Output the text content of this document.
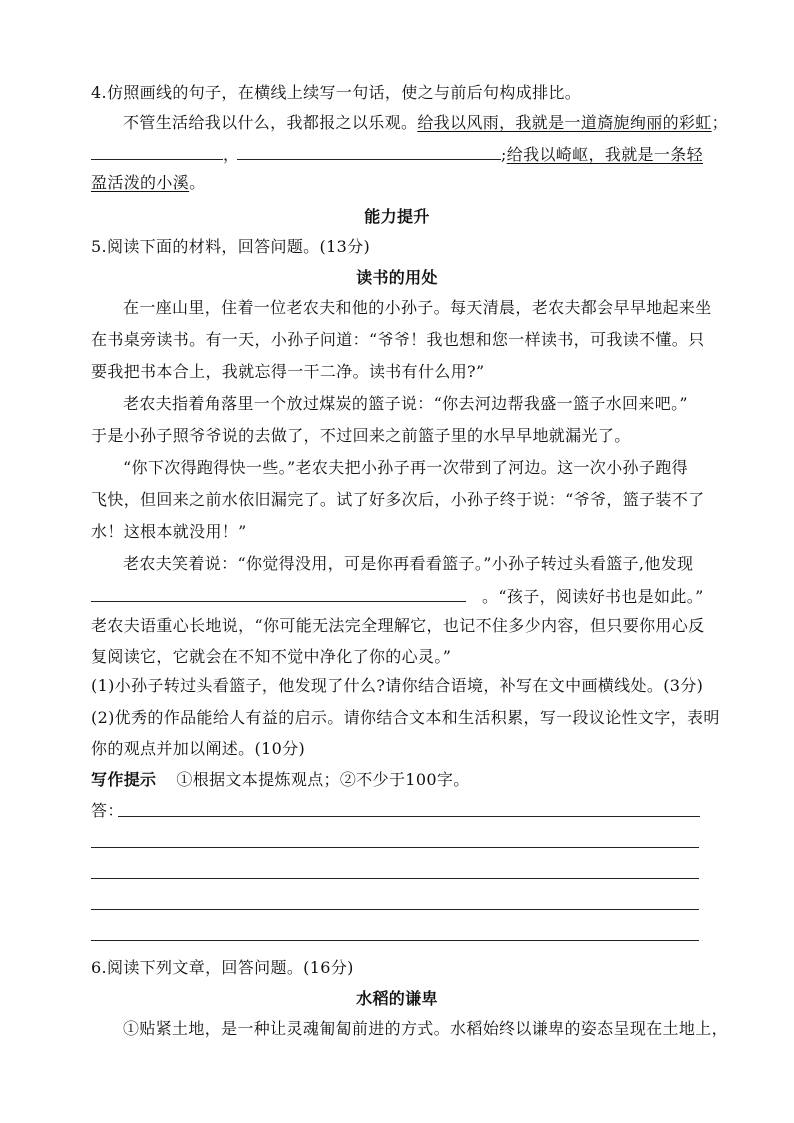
4.仿照画线的句子，在横线上续写一句话，使之与前后句构成排比。
不管生活给我以什么，我都报之以乐观。给我以风雨，我就是一道旖旎绚丽的彩虹；
，	;给我以崎岖，我就是一条轻
盈活泼的小溪。
能力提升
5.阅读下面的材料，回答问题。(13分)
读书的用处
在一座山里，住着一位老农夫和他的小孙子。每天清晨，老农夫都会早早地起来坐
在书桌旁读书。有一天，小孙子问道：“爷爷！我也想和您一样读书，可我读不懂。只
要我把书本合上，我就忘得一干二净。读书有什么用?”
老农夫指着角落里一个放过煤炭的篮子说：“你去河边帮我盛一篮子水回来吧。”
于是小孙子照爷爷说的去做了，不过回来之前篮子里的水早早地就漏光了。
“你下次得跑得快一些。”老农夫把小孙子再一次带到了河边。这一次小孙子跑得
飞快，但回来之前水依旧漏完了。试了好多次后，小孙子终于说：“爷爷，篮子装不了
水！这根本就没用！”
老农夫笑着说：“你觉得没用，可是你再看看篮子。”小孙子转过头看篮子,他发现
。“孩子，阅读好书也是如此。”
老农夫语重心长地说，“你可能无法完全理解它，也记不住多少内容，但只要你用心反
复阅读它，它就会在不知不觉中净化了你的心灵。”
(1)小孙子转过头看篮子，他发现了什么?请你结合语境，补写在文中画横线处。(3分)
(2)优秀的作品能给人有益的启示。请你结合文本和生活积累，写一段议论性文字，表明
你的观点并加以阐述。(10分)
写作提示 ①根据文本提炼观点；②不少于100字。
答：
6.阅读下列文章，回答问题。(16分)
水稻的谦卑
①贴紧土地，是一种让灵魂匍匐前进的方式。水稻始终以谦卑的姿态呈现在土地上，
